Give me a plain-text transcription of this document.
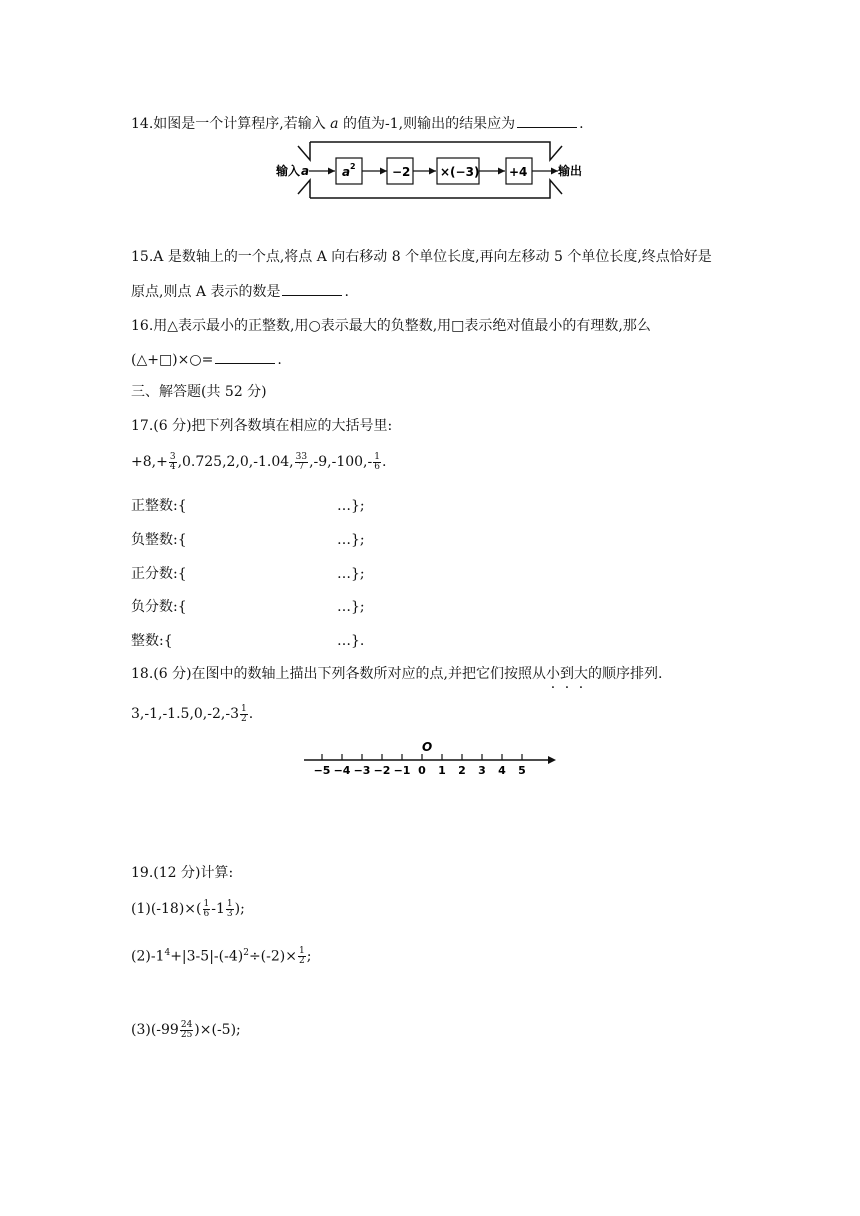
14.如图是一个计算程序,若输入 a 的值为-1,则输出的结果应为	.
输入 a	输出
a 2	−2 ×(−3) +4
15.A 是数轴上的一个点,将点 A 向右移动 8 个单位长度,再向左移动 5 个单位长度,终点恰好是
原点,则点 A 表示的数是	.
16.用△表示最小的正整数,用○表示最大的负整数,用□表示绝对值最小的有理数,那么
(△+□)×○=	.
三、解答题(共 52 分)
17.(6 分)把下列各数填在相应的大括号里:
$+8,+ \frac{3}{4} ,0.725,2,0,-1.04$, $\frac{33}{7} ,-9,-100,- \frac{1}{6}$ .
正整数:{	…};
负整数:{	…};
正分数:{	…};
负分数:{	…};
整数:{	…}.
18.(6 分)在图中的数轴上描出下列各数所对应的点,并把它们按照从小到大的顺序排列.
$3,-1,-1.5,0,-2,-3 \frac{1}{2}$ .
O
−5 −4 −3 −2 −1 0 1 2 3 4 5
19.(12 分)计算:
$(1)(-18)\times( \frac{1}{6} -1 \frac{1}{3}$ );
$(2)-1^4+|3-5|-(-4)^2\div(-2)\times \frac{1}{2}$ ;
$(3)(-99 \frac{24}{25} )\times(-5)$;
